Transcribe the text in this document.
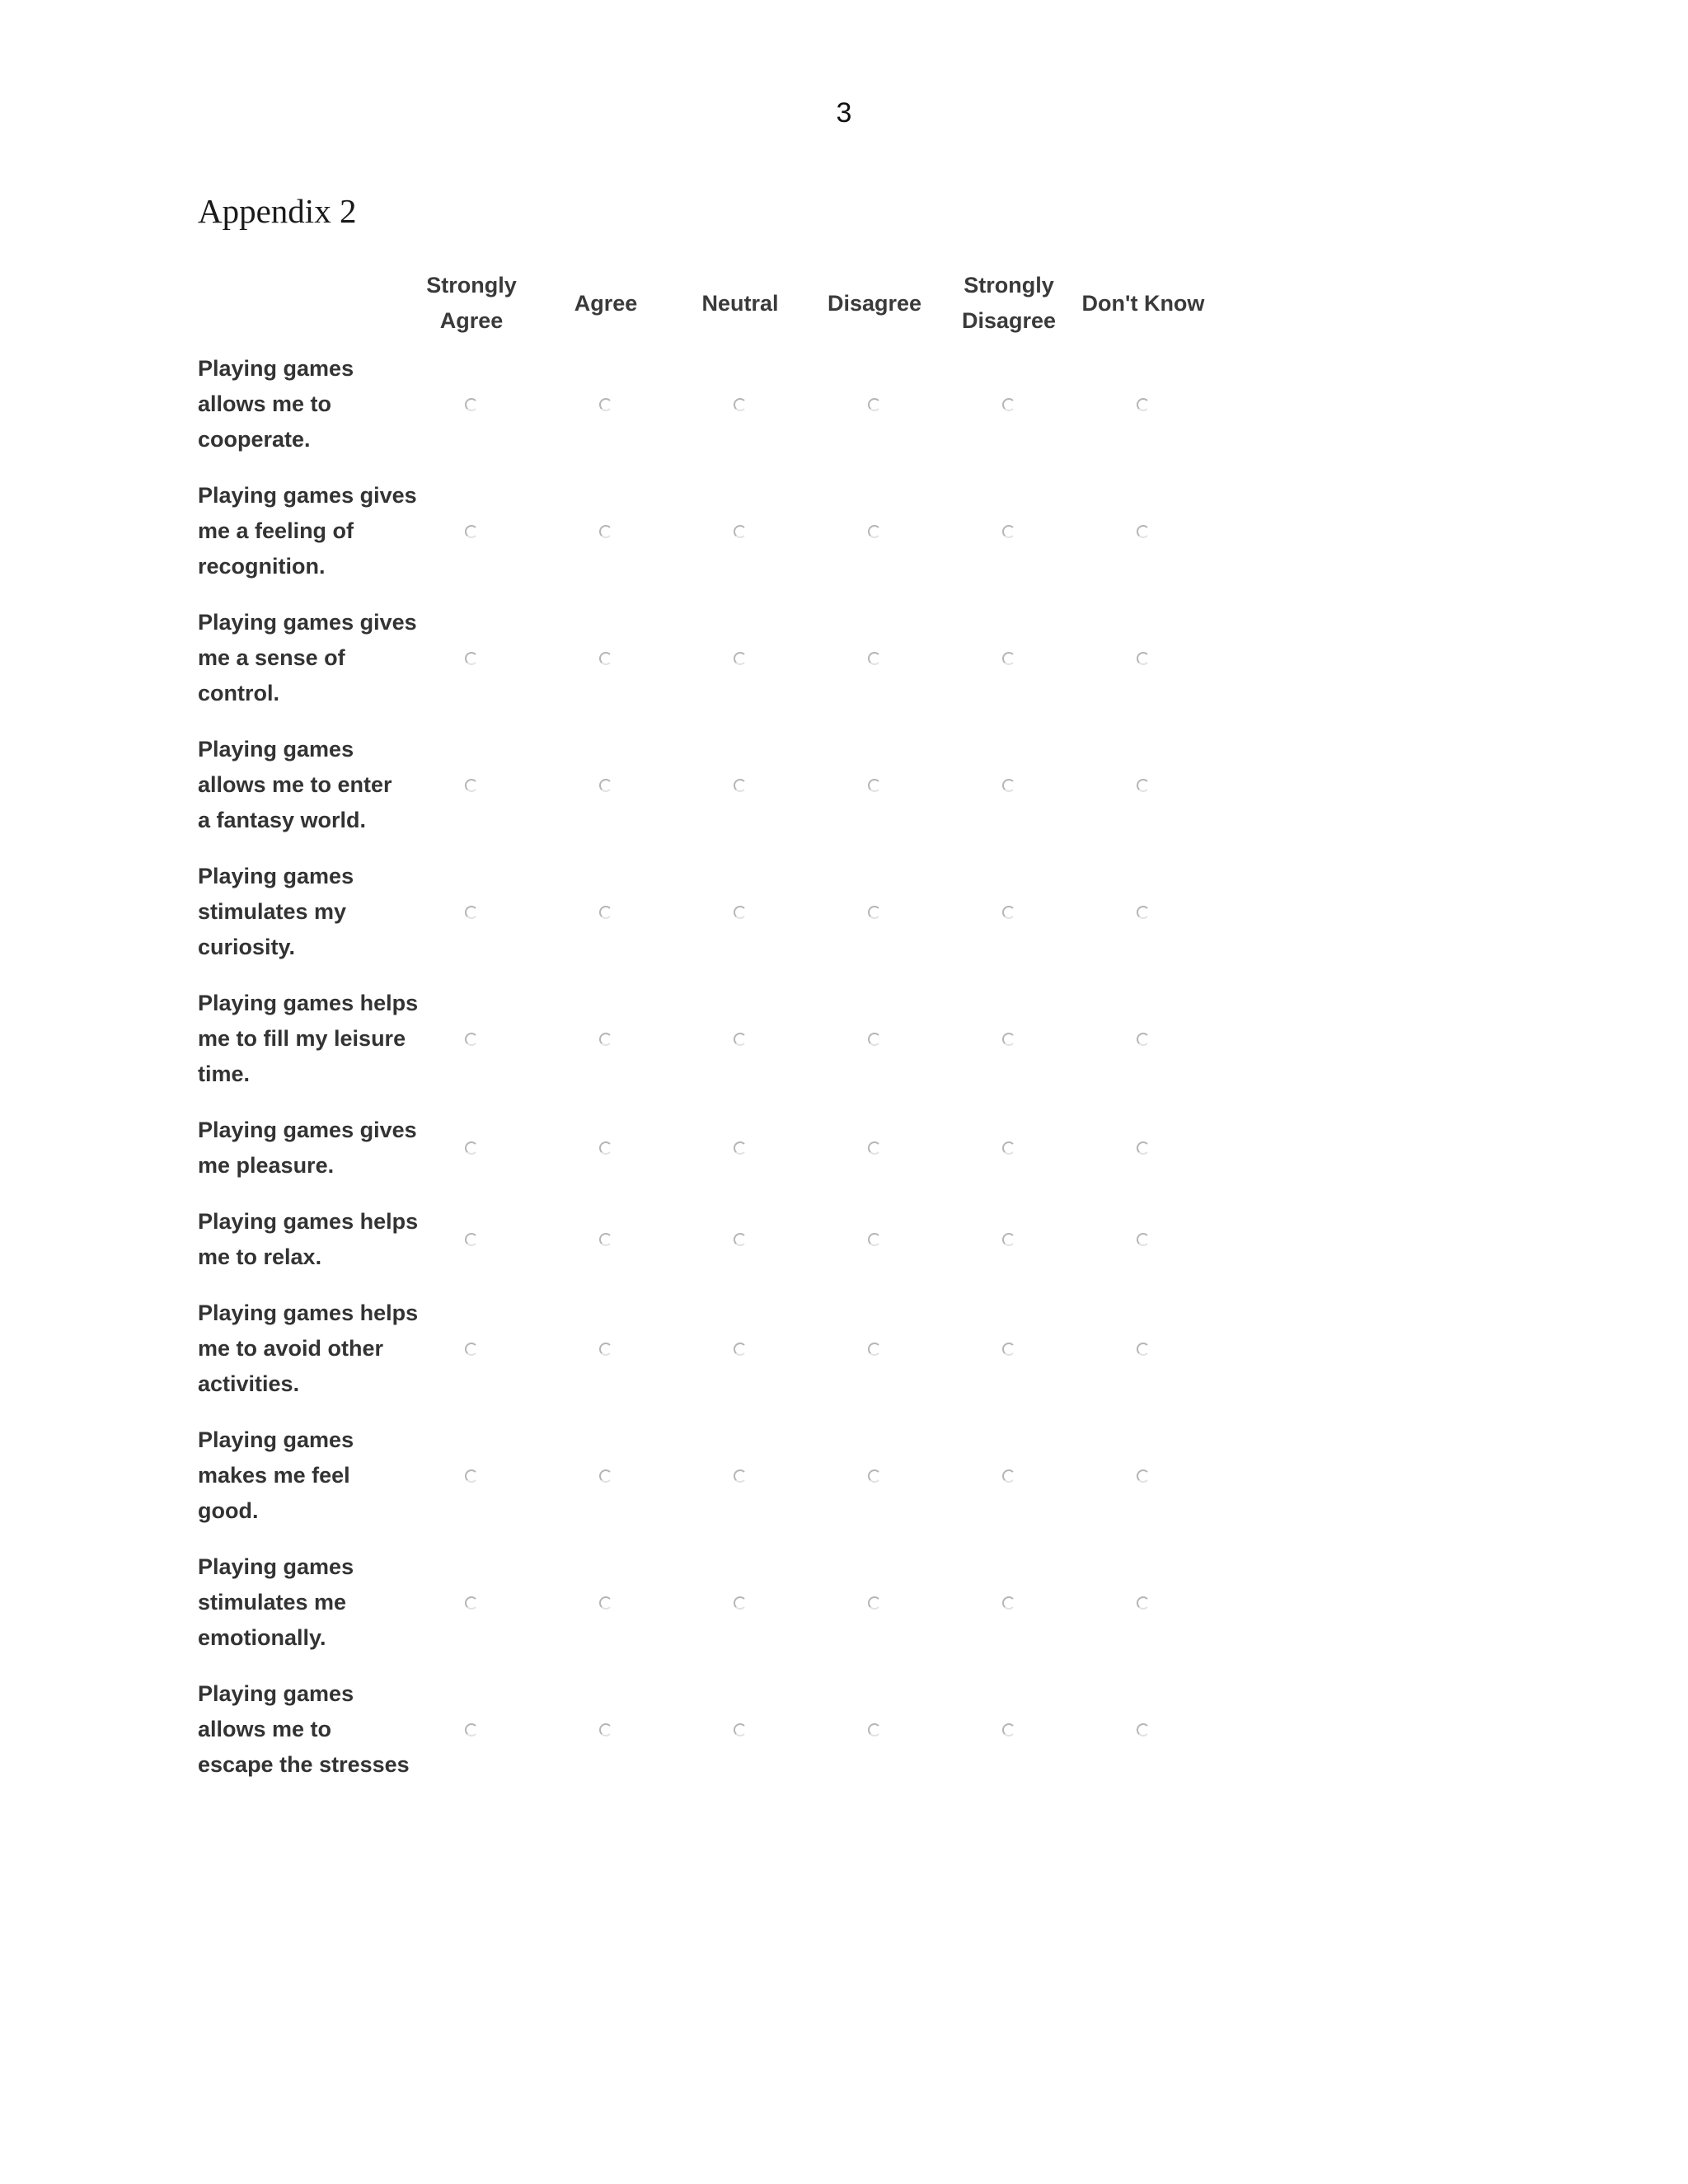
3
Appendix 2
Strongly
Agree
Agree	Neutral	Disagree
Strongly
Disagree
Don't Know
Playing games
allows me to
cooperate.
Playing games gives
me a feeling of
recognition.
Playing games gives
me a sense of
control.
Playing games
allows me to enter
a fantasy world.
Playing games
stimulates my
curiosity.
Playing games helps
me to fill my leisure
time.
Playing games gives
me pleasure.
Playing games helps
me to relax.
Playing games helps
me to avoid other
activities.
Playing games
makes me feel
good.
Playing games
stimulates me
emotionally.
Playing games
allows me to
escape the stresses
